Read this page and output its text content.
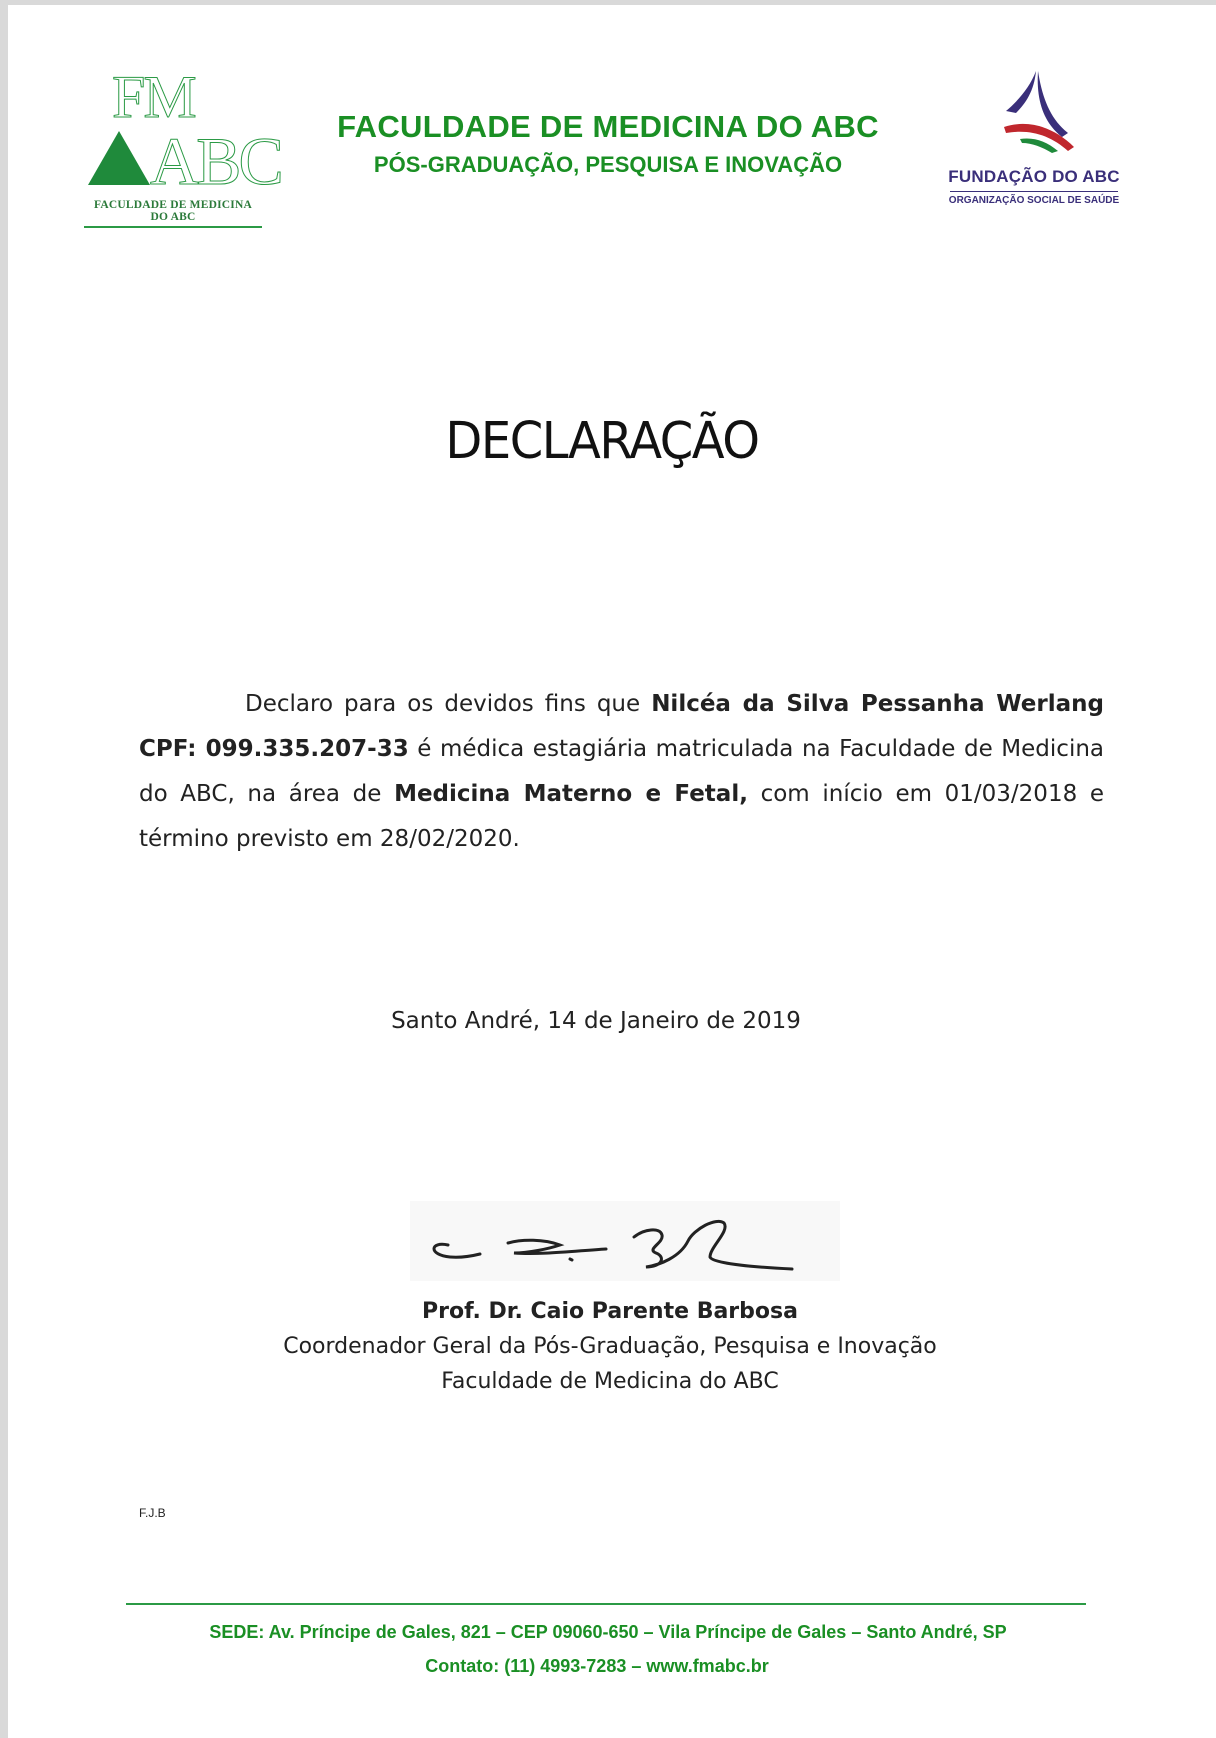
FM
ABC
FACULDADE DE MEDICINA DO ABC
FACULDADE DE MEDICINA DO ABC
PÓS-GRADUAÇÃO, PESQUISA E INOVAÇÃO	FUNDAÇÃO DO ABC
ORGANIZAÇÃO SOCIAL DE SAÚDE
DECLARAÇÃO
Declaro para os devidos fins que Nilcéa da Silva Pessanha Werlang CPF: 099.335.207-33 é médica estagiária matriculada na Faculdade de Medicina do ABC, na área de Medicina Materno e Fetal, com início em 01/03/2018 e término previsto em 28/02/2020.
Santo André, 14 de Janeiro de 2019
Prof. Dr. Caio Parente Barbosa
Coordenador Geral da Pós-Graduação, Pesquisa e Inovação
Faculdade de Medicina do ABC
F.J.B
SEDE: Av. Príncipe de Gales, 821 – CEP 09060-650 – Vila Príncipe de Gales – Santo André, SP
Contato: (11) 4993-7283 – www.fmabc.br
